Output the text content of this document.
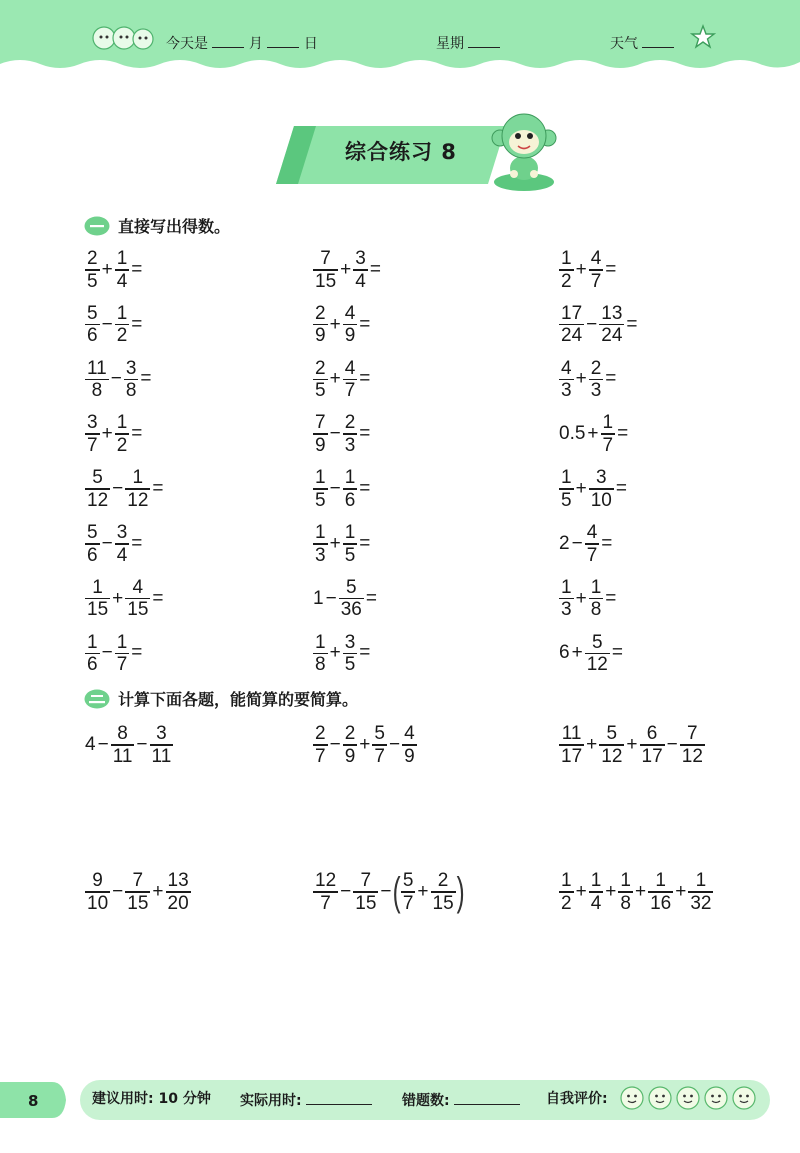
今天是	月	日	星期	天气
综合练习 8
直接写出得数。
$\frac{2}{5} + \frac{1}{4}$ =	$\frac{7}{15} + \frac{3}{4}$ =	$\frac{1}{2} + \frac{4}{7}$ =
$\frac{5}{6} - \frac{1}{2}$ =	$\frac{2}{9} + \frac{4}{9}$ =	$\frac{17}{24} - \frac{13}{24}$ =
$\frac{11}{8} - \frac{3}{8}$ =	$\frac{2}{5} + \frac{4}{7}$ =	$\frac{4}{3} + \frac{2}{3}$ =
$\frac{3}{7} + \frac{1}{2}$ =	$\frac{7}{9} - \frac{2}{3}$ =	$0.5 + \frac{1}{7}$ =
$\frac{5}{12} - \frac{1}{12}$ =	$\frac{1}{5} - \frac{1}{6}$ =	$\frac{1}{5} + \frac{3}{10}$ =
$\frac{5}{6} - \frac{3}{4}$ =	$\frac{1}{3} + \frac{1}{5}$ =	$2 - \frac{4}{7}$ =
$\frac{1}{15} + \frac{4}{15}$ =	$1 - \frac{5}{36}$ =	$\frac{1}{3} + \frac{1}{8}$ =
$\frac{1}{6} - \frac{1}{7}$ =	$\frac{1}{8} + \frac{3}{5}$ =	$6 + \frac{5}{12}$ =
计算下面各题，能简算的要简算。
$4 - \frac{8}{11} - \frac{3}{11}$	$\frac{2}{7} - \frac{2}{9} + \frac{5}{7} - \frac{4}{9}$	$\frac{11}{17} + \frac{5}{12} + \frac{6}{17} - \frac{7}{12}$
$\frac{9}{10} - \frac{7}{15} + \frac{13}{20}$	$\frac{12}{7} - \frac{7}{15}$ − ( $\frac{5}{7} + \frac{2}{15}$ )	$\frac{1}{2} + \frac{1}{4} + \frac{1}{8} + \frac{1}{16} + \frac{1}{32}$
8	建议用时: 10 分钟 实际用时:	错题数:	自我评价:
